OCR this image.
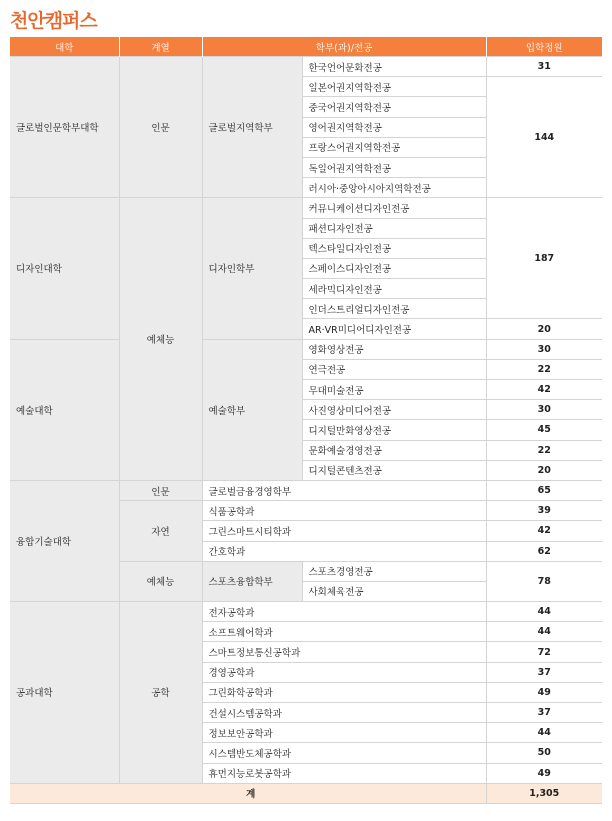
천안캠퍼스
대학	계열	학부(과)/전공		입학정원
글로벌인문학부대학	인문	글로벌지역학부	한국언어문화전공	31
			일본어권지역학전공	144
			중국어권지역학전공	
			영어권지역학전공	
			프랑스어권지역학전공	
			독일어권지역학전공	
			러시아·중앙아시아지역학전공	
디자인대학	예체능	디자인학부	커뮤니케이션디자인전공	187
			패션디자인전공	
			텍스타일디자인전공	
			스페이스디자인전공	
			세라믹디자인전공	
			인더스트리얼디자인전공	
			AR·VR미디어디자인전공	20
예술대학		예술학부	영화영상전공	30
			연극전공	22
			무대미술전공	42
			사진영상미디어전공	30
			디지털만화영상전공	45
			문화예술경영전공	22
			디지털콘텐츠전공	20
융합기술대학	인문	글로벌금융경영학부		65
	자연	식품공학과		39
		그린스마트시티학과		42
		간호학과		62
	예체능	스포츠융합학부	스포츠경영전공	78
			사회체육전공	
공과대학	공학	전자공학과		44
		소프트웨어학과		44
		스마트정보통신공학과		72
		경영공학과		37
		그린화학공학과		49
		건설시스템공학과		37
		정보보안공학과		44
		시스템반도체공학과		50
		휴먼지능로봇공학과		49
계				1,305
